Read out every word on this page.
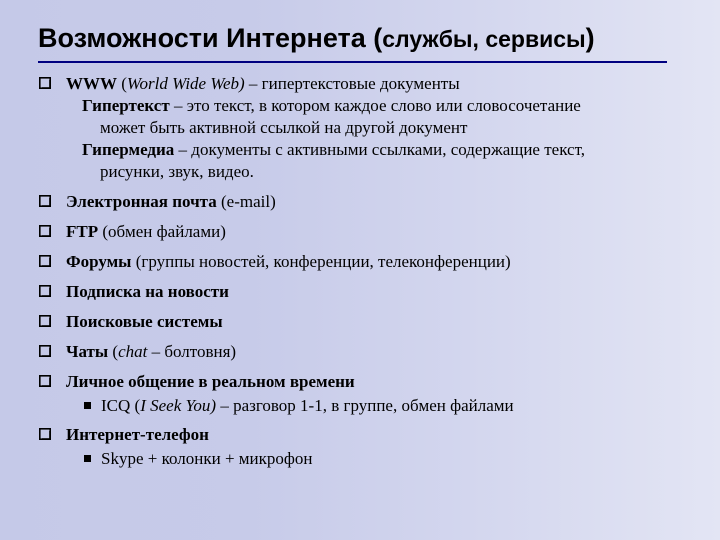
Возможности Интернета (службы, сервисы)
WWW (World Wide Web) – гипертекстовые документы
Гипертекст – это текст, в котором каждое слово или словосочетание
может быть активной ссылкой на другой документ
Гипермедиа – документы с активными ссылками, содержащие текст,
рисунки, звук, видео.
Электронная почта (e-mail)
FTP (обмен файлами)
Форумы (группы новостей, конференции, телеконференции)
Подписка на новости
Поисковые системы
Чаты (chat – болтовня)
Личное общение в реальном времени
ICQ (I Seek You) – разговор 1-1, в группе, обмен файлами
Интернет-телефон
Skype + колонки + микрофон
